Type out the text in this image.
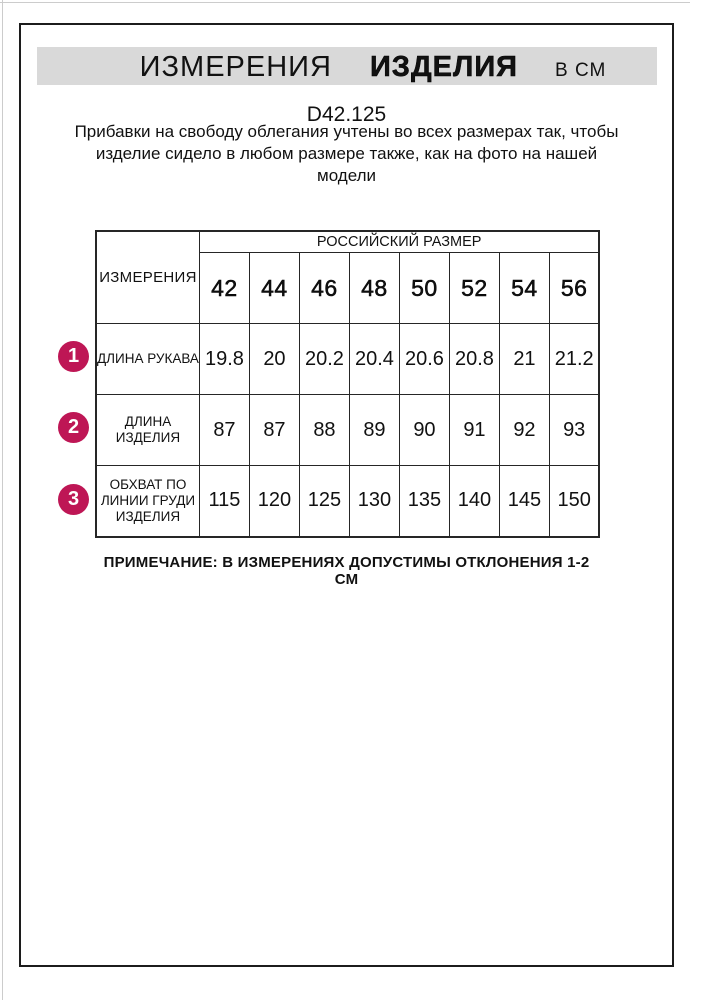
ИЗМЕРЕНИЯ ИЗДЕЛИЯ В СМ
D42.125
Прибавки на свободу облегания учтены во всех размерах так, чтобы
изделие сидело в любом размере также, как на фото на нашей
модели
ИЗМЕРЕНИЯ	РОССИЙСКИЙ РАЗМЕР							
	42	44	46	48	50	52	54	56

ДЛИНА РУКАВА	19.8	20	20.2	20.4	20.6	20.8	21	21.2

ДЛИНА
ИЗДЕЛИЯ	87	87	88	89	90	91	92	93

ОБХВАТ ПО
ЛИНИИ ГРУДИ
ИЗДЕЛИЯ	115	120	125	130	135	140	145	150
1
2
3
ПРИМЕЧАНИЕ: В ИЗМЕРЕНИЯХ ДОПУСТИМЫ ОТКЛОНЕНИЯ 1-2 СМ
